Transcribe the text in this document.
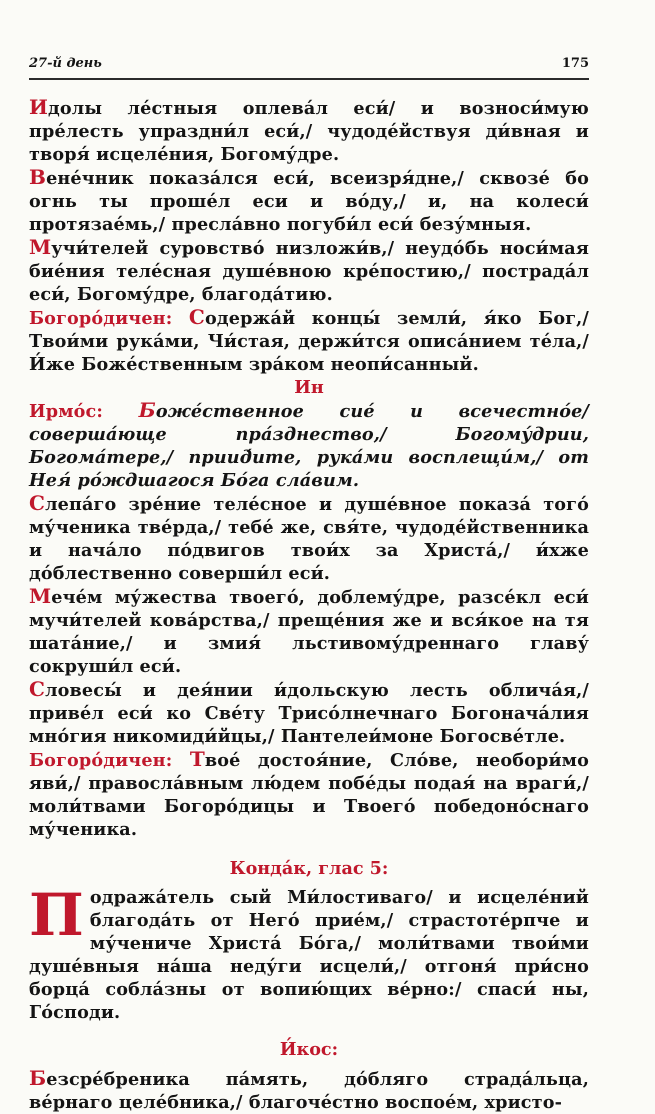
27-й день	175

Идолы ле́стныя оплева́л еси́/ и возноси́мую пре́лесть упраздни́л еси́,/ чудоде́йствуя ди́вная и творя́ исцеле́ния, Богому́дре.

Вене́чник показа́лся еси́, всеизря́дне,/ сквозе́ бо огнь ты проше́л еси и во́ду,/ и, на колеси́ протязае́мь,/ пресла́вно погуби́л еси́ безу́мныя.

Мучи́телей суровство́ низложи́в,/ неудо́бь носи́мая бие́ния теле́сная душе́вною кре́постию,/ пострада́л еси́, Богому́дре, благода́тию.

Богоро́дичен: Содержа́й концы́ земли́, я́ко Бог,/ Твои́ми рука́ми, Чи́стая, держи́тся описа́нием те́ла,/ И́же Боже́ственным зра́ком неопи́санный.

Ин

Ирмо́с: Боже́ственное сие́ и всечестно́е/ соверша́юще пра́зднество,/ Богому́дрии, Богома́тере,/ приид́ите, рука́ми восплещи́м,/ от Нея́ ро́ждшагося Бо́га сла́вим.

Слепа́го зре́ние теле́сное и душе́вное показа́ того́ му́ченика тве́рда,/ тебе́ же, свя́те, чудоде́йственника и нача́ло по́двигов твои́х за Христа́,/ и́хже до́блественно соверши́л еси́.

Мече́м му́жества твоего́, доблему́дре, разсе́кл еси́ мучи́телей кова́рства,/ преще́ния же и вся́кое на тя шата́ние,/ и змия́ льстивому́дреннаго главу́ сокруши́л еси́.

Словесы́ и дея́нии и́дольскую лесть облича́я,/ приве́л еси́ ко Све́ту Трисо́лнечнаго Богонача́лия мно́гия никомиди́йцы,/ Пантелеи́моне Богосве́тле.

Богоро́дичен: Твое́ достоя́ние, Сло́ве, необори́мо яви́,/ правосла́вным лю́дем побе́ды подая́ на враги́,/ моли́твами Богоро́дицы и Твоего́ победоно́снаго му́ченика.

Конда́к, глас 5:

Подража́тель сый Ми́лостиваго/ и исцеле́ний благода́ть от Него́ прие́м,/ страстоте́рпче и му́чениче Христа́ Бо́га,/ моли́твами твои́ми душе́вныя на́ша неду́ги исцели́,/ отгоня́ при́сно борца́ собла́зны от вопию́щих ве́рно:/ спаси́ ны, Го́споди.

И́кос:

Безсре́бреника па́мять, до́бляго страда́льца, ве́рнаго целе́бника,/ благоче́стно воспое́м, христо-
